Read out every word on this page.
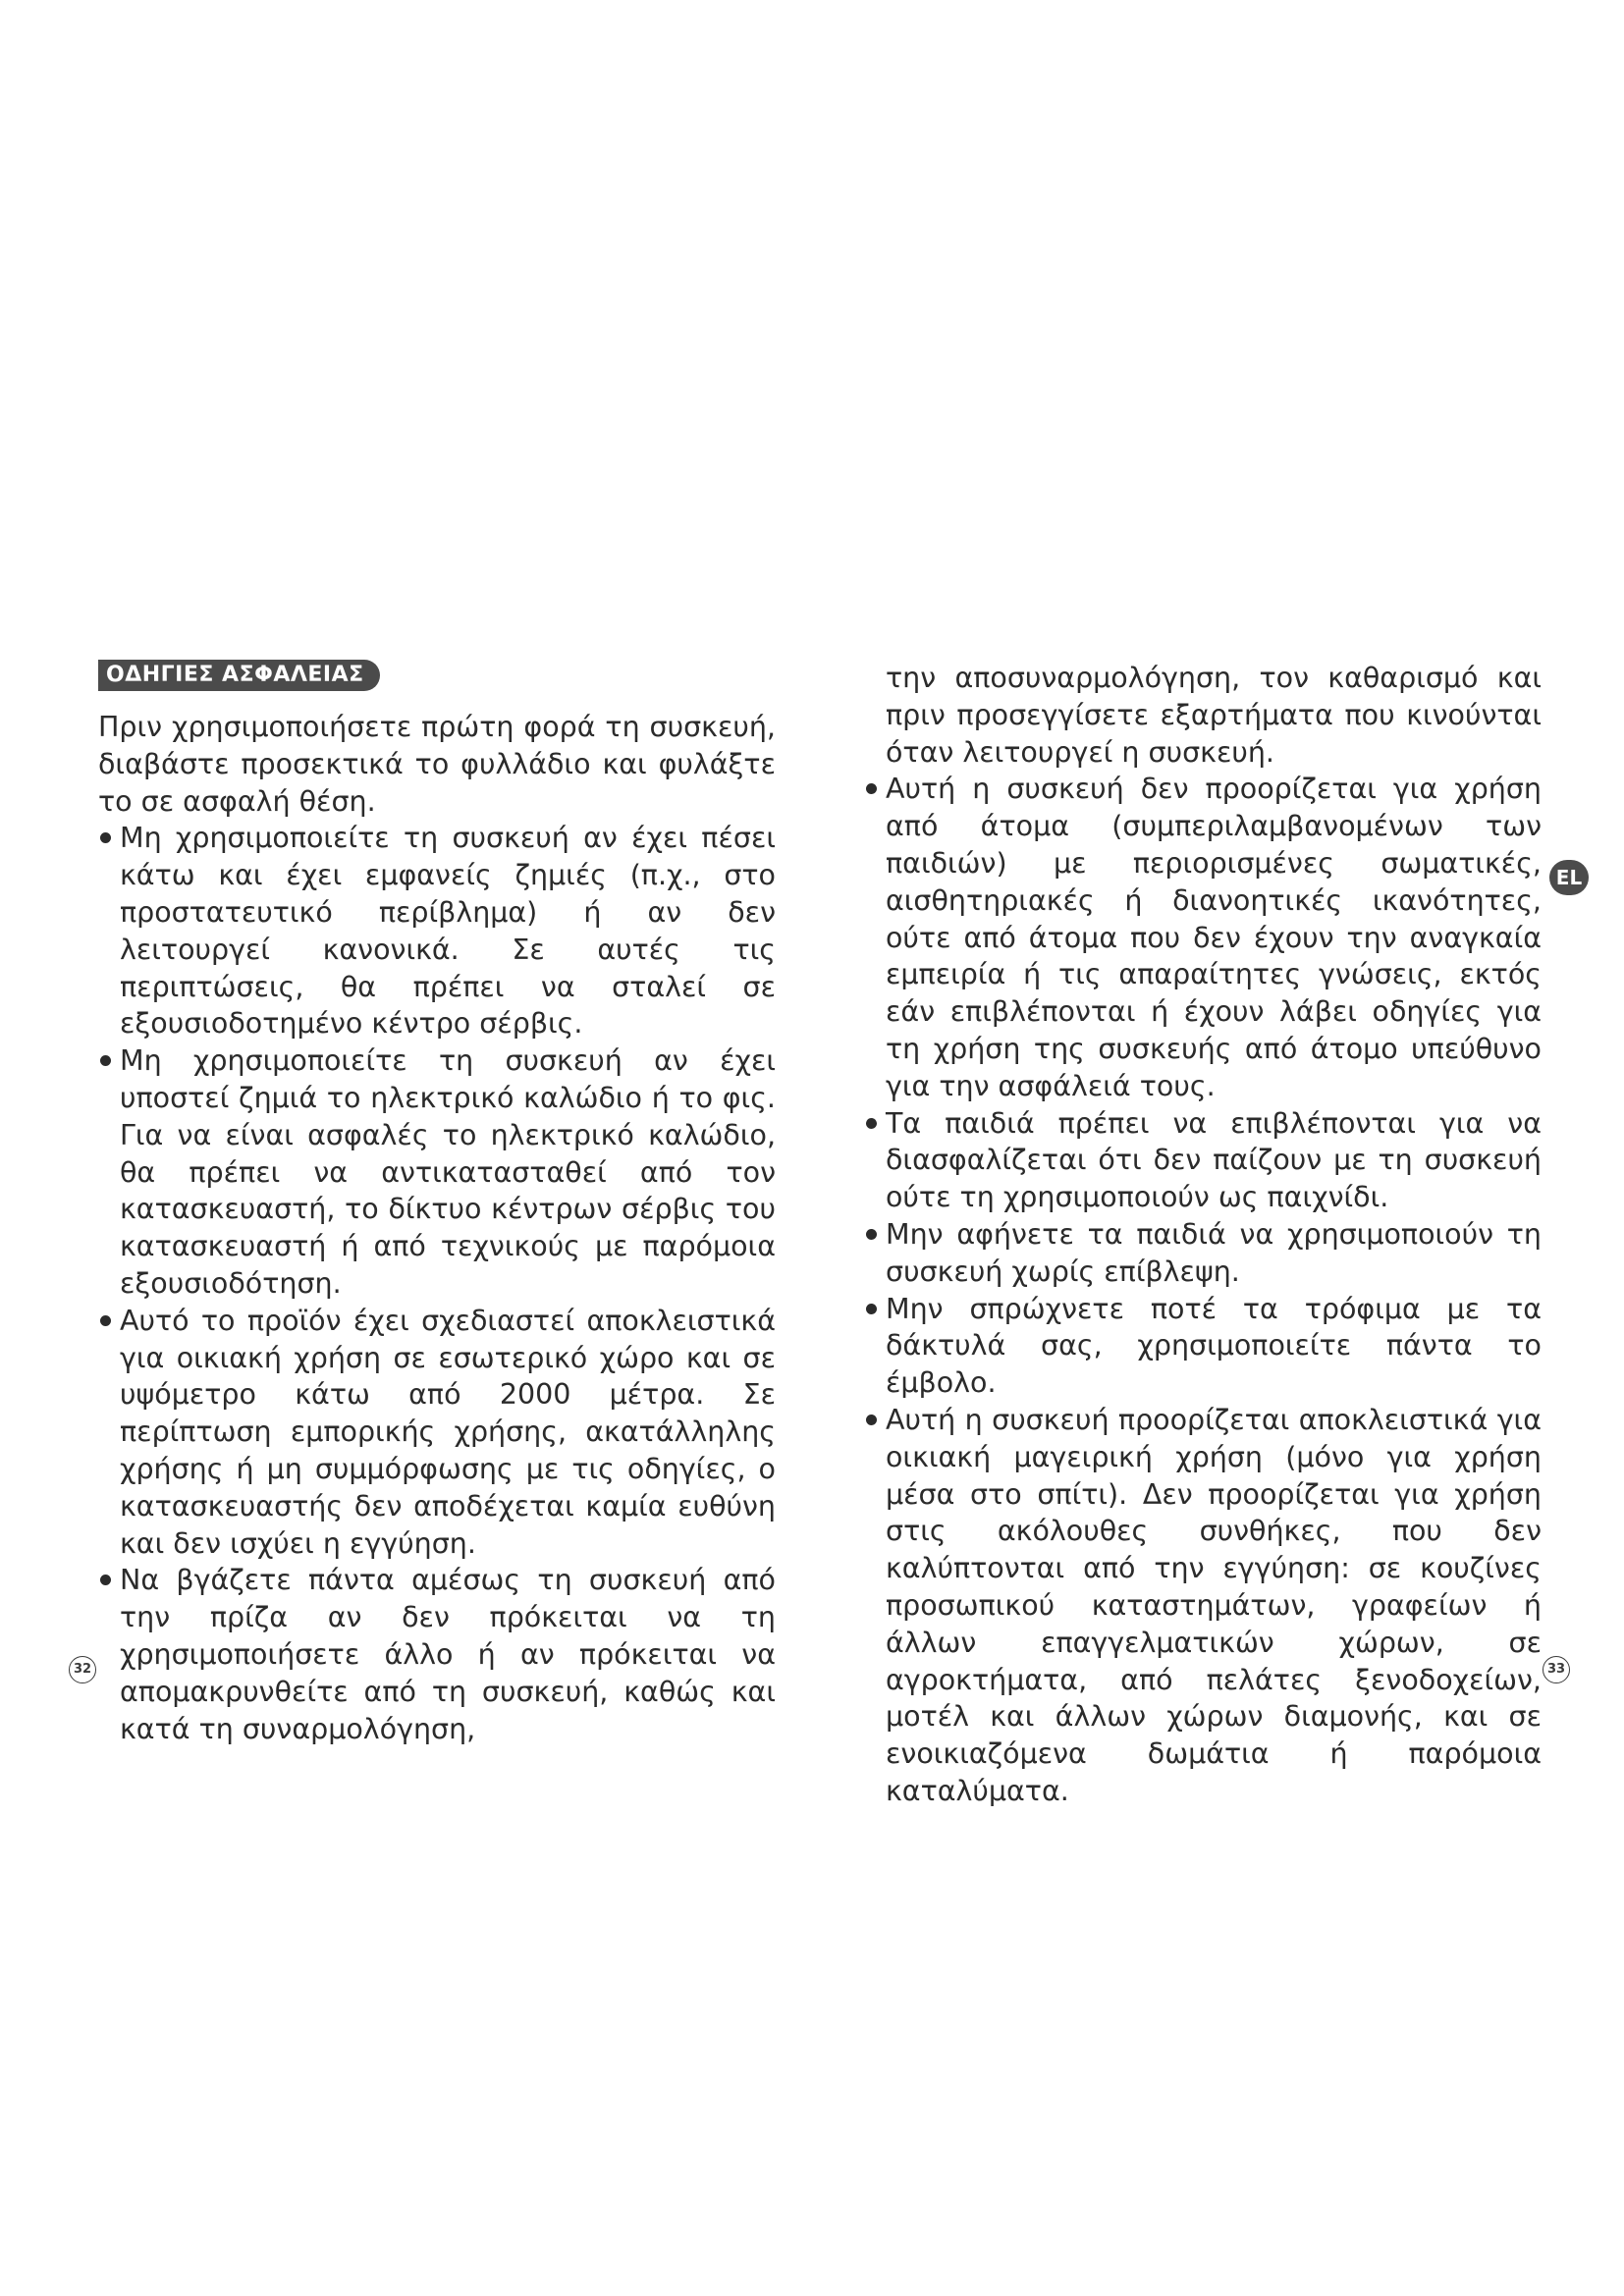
ΟΔΗΓΙΕΣ ΑΣΦΑΛΕΙΑΣ

Πριν χρησιμοποιήσετε πρώτη φορά τη συσκευή, διαβάστε προσεκτικά το φυλλάδιο και φυλάξτε το σε ασφαλή θέση.

Μη χρησιμοποιείτε τη συσκευή αν έχει πέσει κάτω και έχει εμφανείς ζημιές (π.χ., στο προστατευτικό περίβλημα) ή αν δεν λειτουργεί κανονικά. Σε αυτές τις περιπτώσεις, θα πρέπει να σταλεί σε εξουσιοδοτημένο κέντρο σέρβις.
Μη χρησιμοποιείτε τη συσκευή αν έχει υποστεί ζημιά το ηλεκτρικό καλώδιο ή το φις. Για να είναι ασφαλές το ηλεκτρικό καλώδιο, θα πρέπει να αντικατασταθεί από τον κατασκευαστή, το δίκτυο κέντρων σέρβις του κατασκευαστή ή από τεχνικούς με παρόμοια εξουσιοδότηση.
Αυτό το προϊόν έχει σχεδιαστεί αποκλειστικά για οικιακή χρήση σε εσωτερικό χώρο και σε υψόμετρο κάτω από 2000 μέτρα. Σε περίπτωση εμπορικής χρήσης, ακατάλληλης χρήσης ή μη συμμόρφωσης με τις οδηγίες, ο κατασκευαστής δεν αποδέχεται καμία ευθύνη και δεν ισχύει η εγγύηση.
Να βγάζετε πάντα αμέσως τη συσκευή από την πρίζα αν δεν πρόκειται να τη χρησιμοποιήσετε άλλο ή αν πρόκειται να απομακρυνθείτε από τη συσκευή, καθώς και κατά τη συναρμολόγηση,

την αποσυναρμολόγηση, τον καθαρισμό και πριν προσεγγίσετε εξαρτήματα που κινούνται όταν λειτουργεί η συσκευή.

Αυτή η συσκευή δεν προορίζεται για χρήση από άτομα (συμπεριλαμβανομένων των παιδιών) με περιορισμένες σωματικές, αισθητηριακές ή διανοητικές ικανότητες, ούτε από άτομα που δεν έχουν την αναγκαία εμπειρία ή τις απαραίτητες γνώσεις, εκτός εάν επιβλέπονται ή έχουν λάβει οδηγίες για τη χρήση της συσκευής από άτομο υπεύθυνο για την ασφάλειά τους.
Τα παιδιά πρέπει να επιβλέπονται για να διασφαλίζεται ότι δεν παίζουν με τη συσκευή ούτε τη χρησιμοποιούν ως παιχνίδι.
Μην αφήνετε τα παιδιά να χρησιμοποιούν τη συσκευή χωρίς επίβλεψη.
Μην σπρώχνετε ποτέ τα τρόφιμα με τα δάκτυλά σας, χρησιμοποιείτε πάντα το έμβολο.
Αυτή η συσκευή προορίζεται αποκλειστικά για οικιακή μαγειρική χρήση (μόνο για χρήση μέσα στο σπίτι). Δεν προορίζεται για χρήση στις ακόλουθες συνθήκες, που δεν καλύπτονται από την εγγύηση: σε κουζίνες προσωπικού καταστημάτων, γραφείων ή άλλων επαγγελματικών χώρων, σε αγροκτήματα, από πελάτες ξενοδοχείων, μοτέλ και άλλων χώρων διαμονής, και σε ενοικιαζόμενα δωμάτια ή παρόμοια καταλύματα.
EL
32	33
